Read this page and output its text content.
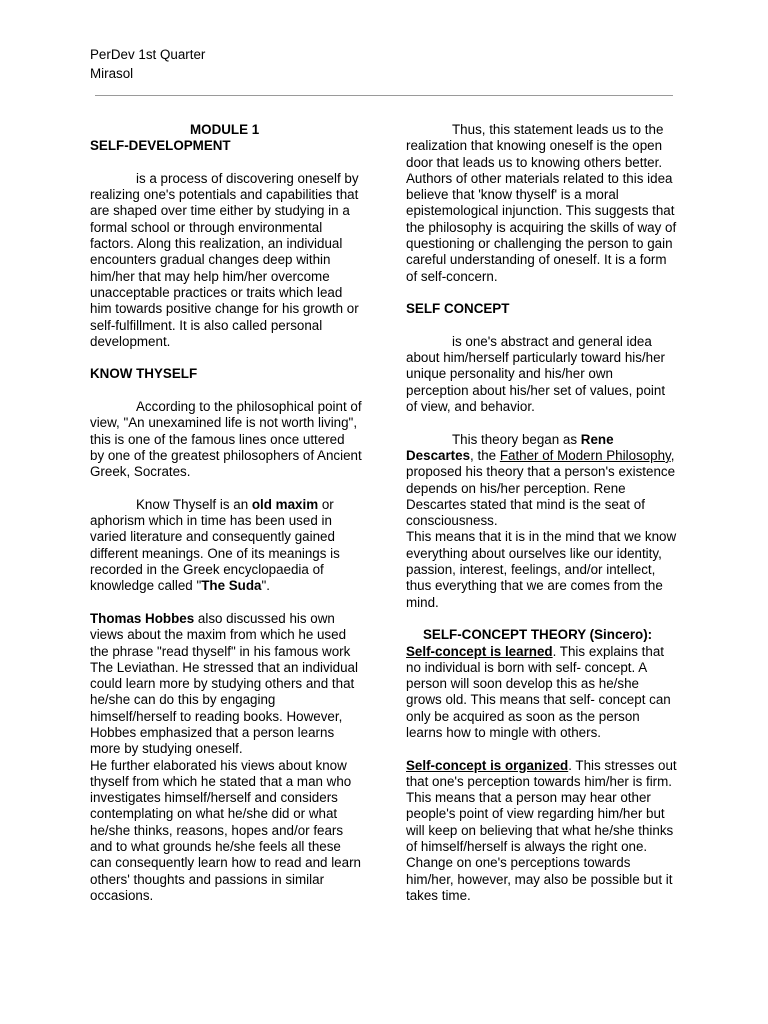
PerDev 1st Quarter
Mirasol

MODULE 1

SELF-DEVELOPMENT

is a process of discovering oneself by realizing one's potentials and capabilities that are shaped over time either by studying in a formal school or through environmental factors. Along this realization, an individual encounters gradual changes deep within him/her that may help him/her overcome unacceptable practices or traits which lead him towards positive change for his growth or self-fulfillment. It is also called personal development.

KNOW THYSELF

According to the philosophical point of view, "An unexamined life is not worth living", this is one of the famous lines once uttered by one of the greatest philosophers of Ancient Greek, Socrates.

Know Thyself is an old maxim or aphorism which in time has been used in varied literature and consequently gained different meanings. One of its meanings is recorded in the Greek encyclopaedia of knowledge called "The Suda".

Thomas Hobbes also discussed his own views about the maxim from which he used the phrase "read thyself" in his famous work The Leviathan. He stressed that an individual could learn more by studying others and that he/she can do this by engaging himself/herself to reading books. However, Hobbes emphasized that a person learns more by studying oneself.

He further elaborated his views about know thyself from which he stated that a man who investigates himself/herself and considers contemplating on what he/she did or what he/she thinks, reasons, hopes and/or fears and to what grounds he/she feels all these can consequently learn how to read and learn others' thoughts and passions in similar occasions.

Thus, this statement leads us to the realization that knowing oneself is the open door that leads us to knowing others better. Authors of other materials related to this idea believe that 'know thyself' is a moral epistemological injunction. This suggests that the philosophy is acquiring the skills of way of questioning or challenging the person to gain careful understanding of oneself. It is a form of self-concern.

SELF CONCEPT

is one's abstract and general idea about him/herself particularly toward his/her unique personality and his/her own perception about his/her set of values, point of view, and behavior.

This theory began as Rene Descartes, the Father of Modern Philosophy, proposed his theory that a person's existence depends on his/her perception. Rene Descartes stated that mind is the seat of consciousness.

This means that it is in the mind that we know everything about ourselves like our identity, passion, interest, feelings, and/or intellect, thus everything that we are comes from the mind.

SELF-CONCEPT THEORY (Sincero):

Self-concept is learned. This explains that no individual is born with self- concept. A person will soon develop this as he/she grows old. This means that self- concept can only be acquired as soon as the person learns how to mingle with others.

Self-concept is organized. This stresses out that one's perception towards him/her is firm. This means that a person may hear other people's point of view regarding him/her but will keep on believing that what he/she thinks of himself/herself is always the right one. Change on one's perceptions towards him/her, however, may also be possible but it takes time.
